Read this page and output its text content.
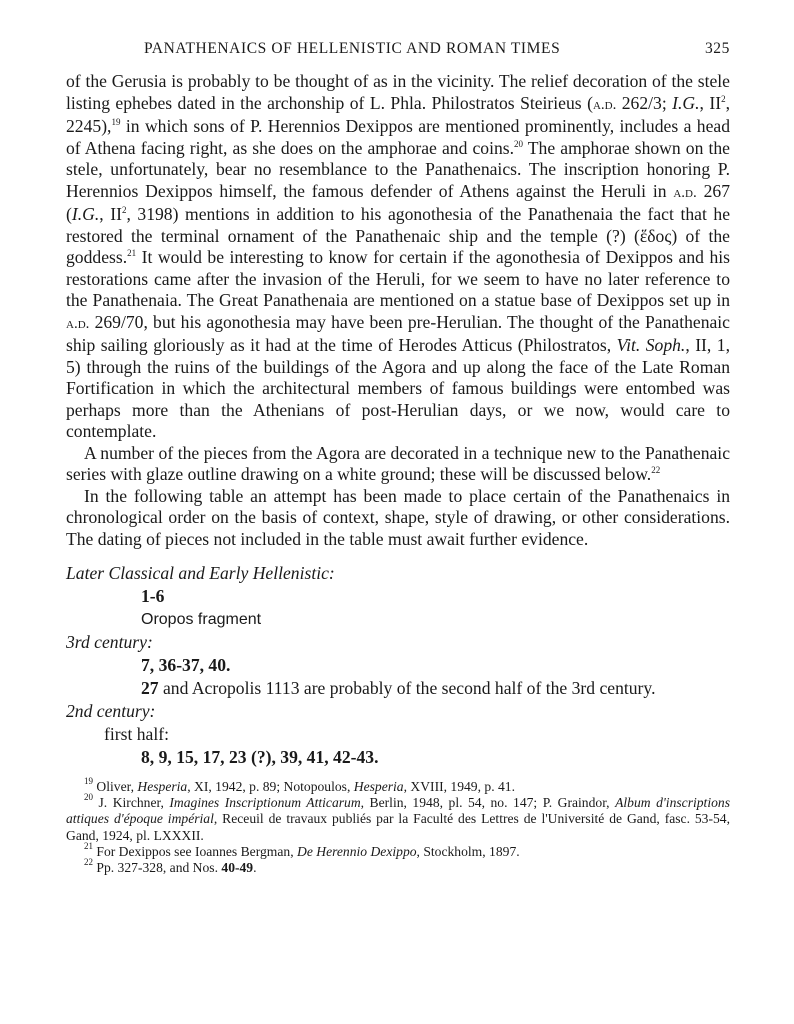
PANATHENAICS OF HELLENISTIC AND ROMAN TIMES	325

of the Gerusia is probably to be thought of as in the vicinity. The relief decoration of the stele listing ephebes dated in the archonship of L. Phla. Philostratos Steirieus (a.d. 262/3; I.G., $II^2$, 2245),$^{19}$ in which sons of P. Herennios Dexippos are mentioned prominently, includes a head of Athena facing right, as she does on the amphorae and coins.$^{20}$ The amphorae shown on the stele, unfortunately, bear no resemblance to the Panathenaics. The inscription honoring P. Herennios Dexippos himself, the famous defender of Athens against the Heruli in a.d. 267 (I.G., $II^2$, 3198) mentions in addition to his agonothesia of the Panathenaia the fact that he restored the terminal ornament of the Panathenaic ship and the temple (?) (ἕδος) of the goddess.$^{21}$ It would be interesting to know for certain if the agonothesia of Dexippos and his restorations came after the invasion of the Heruli, for we seem to have no later reference to the Panathenaia. The Great Panathenaia are mentioned on a statue base of Dexippos set up in a.d. 269/70, but his agonothesia may have been pre-Herulian. The thought of the Panathenaic ship sailing gloriously as it had at the time of Herodes Atticus (Philostratos, Vit. Soph., II, 1, 5) through the ruins of the buildings of the Agora and up along the face of the Late Roman Fortification in which the architectural members of famous buildings were entombed was perhaps more than the Athenians of post-Herulian days, or we now, would care to contemplate.

A number of the pieces from the Agora are decorated in a technique new to the Panathenaic series with glaze outline drawing on a white ground; these will be discussed below.$^{22}$

In the following table an attempt has been made to place certain of the Panathenaics in chronological order on the basis of context, shape, style of drawing, or other considerations. The dating of pieces not included in the table must await further evidence.

Later Classical and Early Hellenistic:
1-6
Oropos fragment
3rd century:
7, 36-37, 40.
27 and Acropolis 1113 are probably of the second half of the 3rd century.
2nd century:
first half:
8, 9, 15, 17, 23 (?), 39, 41, 42-43.

$^{19}$ Oliver, Hesperia, XI, 1942, p. 89; Notopoulos, Hesperia, XVIII, 1949, p. 41.

$^{20}$ J. Kirchner, Imagines Inscriptionum Atticarum, Berlin, 1948, pl. 54, no. 147; P. Graindor, Album d'inscriptions attiques d'époque impérial, Receuil de travaux publiés par la Faculté des Lettres de l'Université de Gand, fasc. 53-54, Gand, 1924, pl. LXXXII.

$^{21}$ For Dexippos see Ioannes Bergman, De Herennio Dexippo, Stockholm, 1897.

$^{22}$ Pp. 327-328, and Nos. 40-49.
